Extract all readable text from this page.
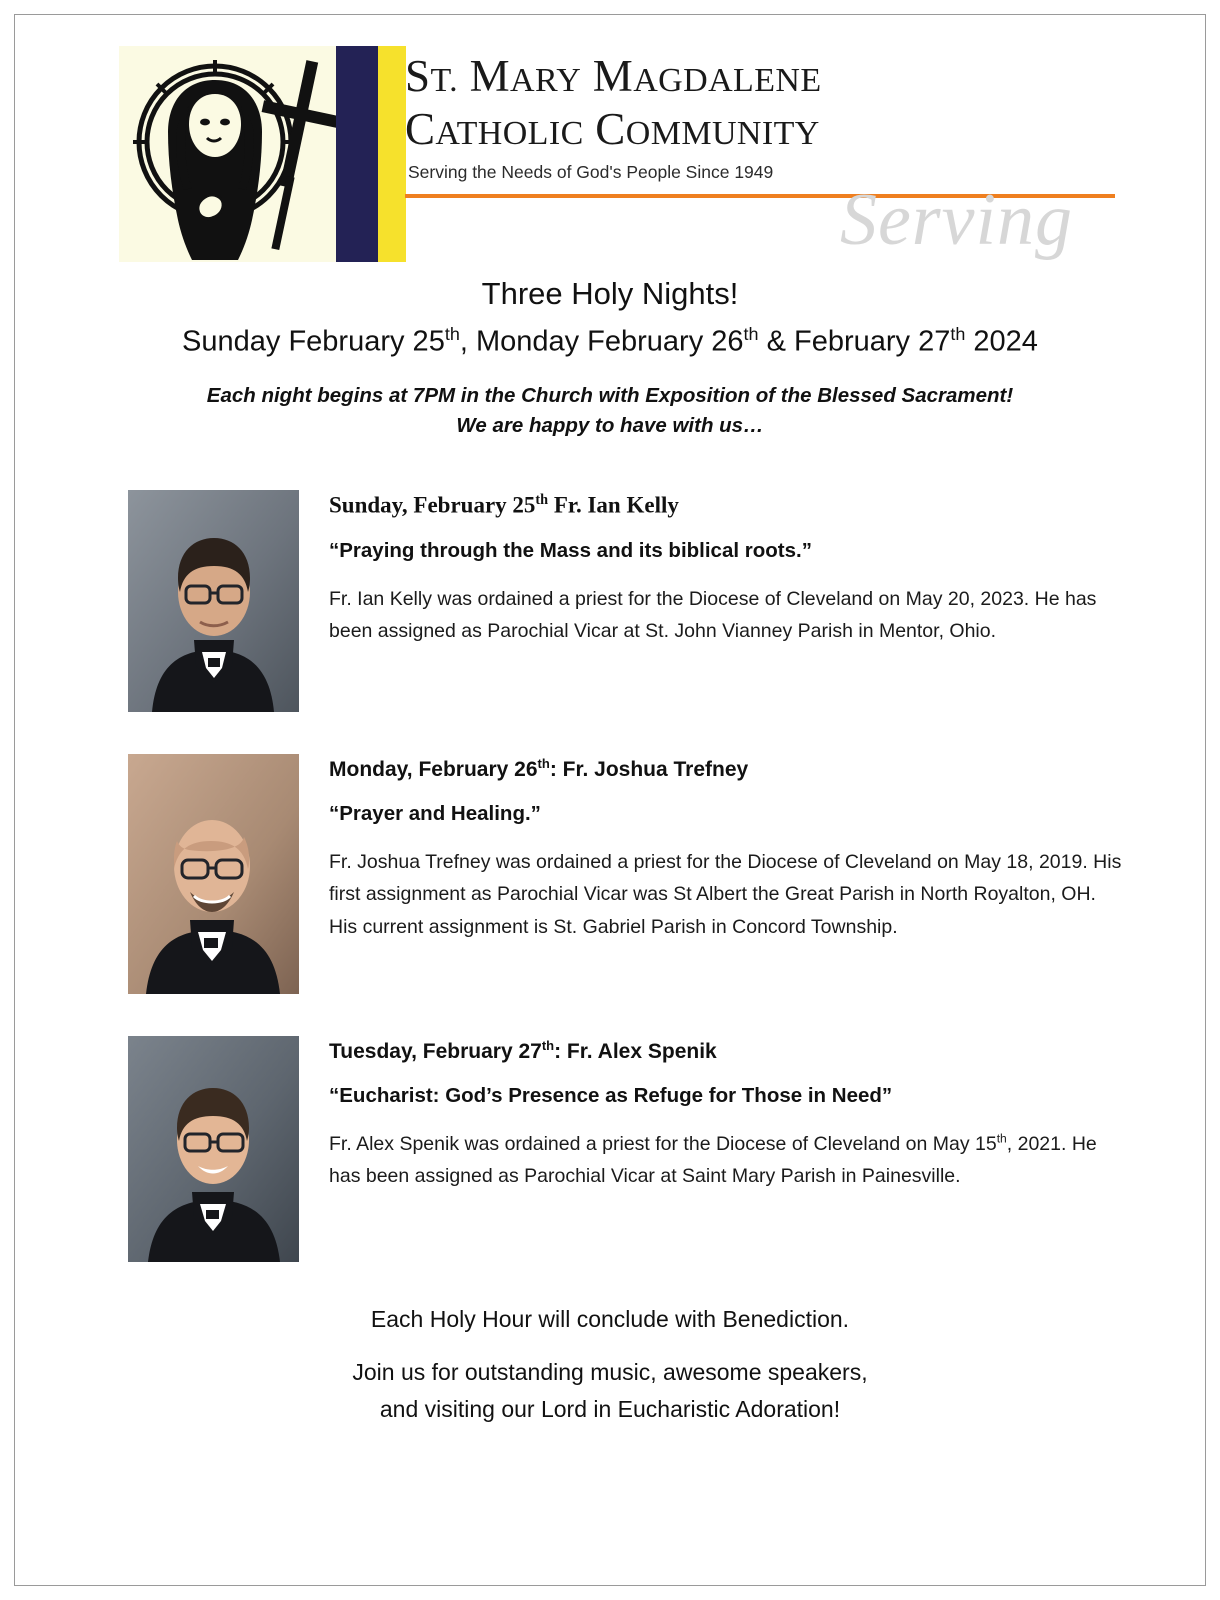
ST. MARY MAGDALENE
CATHOLIC COMMUNITY
Serving the Needs of God's People Since 1949
Serving
Three Holy Nights!
Sunday February 25th, Monday February 26th & February 27th 2024
Each night begins at 7PM in the Church with Exposition of the Blessed Sacrament!
We are happy to have with us…
Sunday, February 25th Fr. Ian Kelly
“Praying through the Mass and its biblical roots.”
Fr. Ian Kelly was ordained a priest for the Diocese of Cleveland on May 20, 2023. He has been assigned as Parochial Vicar at St. John Vianney Parish in Mentor, Ohio.
Monday, February 26th: Fr. Joshua Trefney
“Prayer and Healing.”
Fr. Joshua Trefney was ordained a priest for the Diocese of Cleveland on May 18, 2019. His first assignment as Parochial Vicar was St Albert the Great Parish in North Royalton, OH. His current assignment is St. Gabriel Parish in Concord Township.
Tuesday, February 27th: Fr. Alex Spenik
“Eucharist: God’s Presence as Refuge for Those in Need”
Fr. Alex Spenik was ordained a priest for the Diocese of Cleveland on May 15th, 2021. He has been assigned as Parochial Vicar at Saint Mary Parish in Painesville.

Each Holy Hour will conclude with Benediction.

Join us for outstanding music, awesome speakers,

and visiting our Lord in Eucharistic Adoration!
